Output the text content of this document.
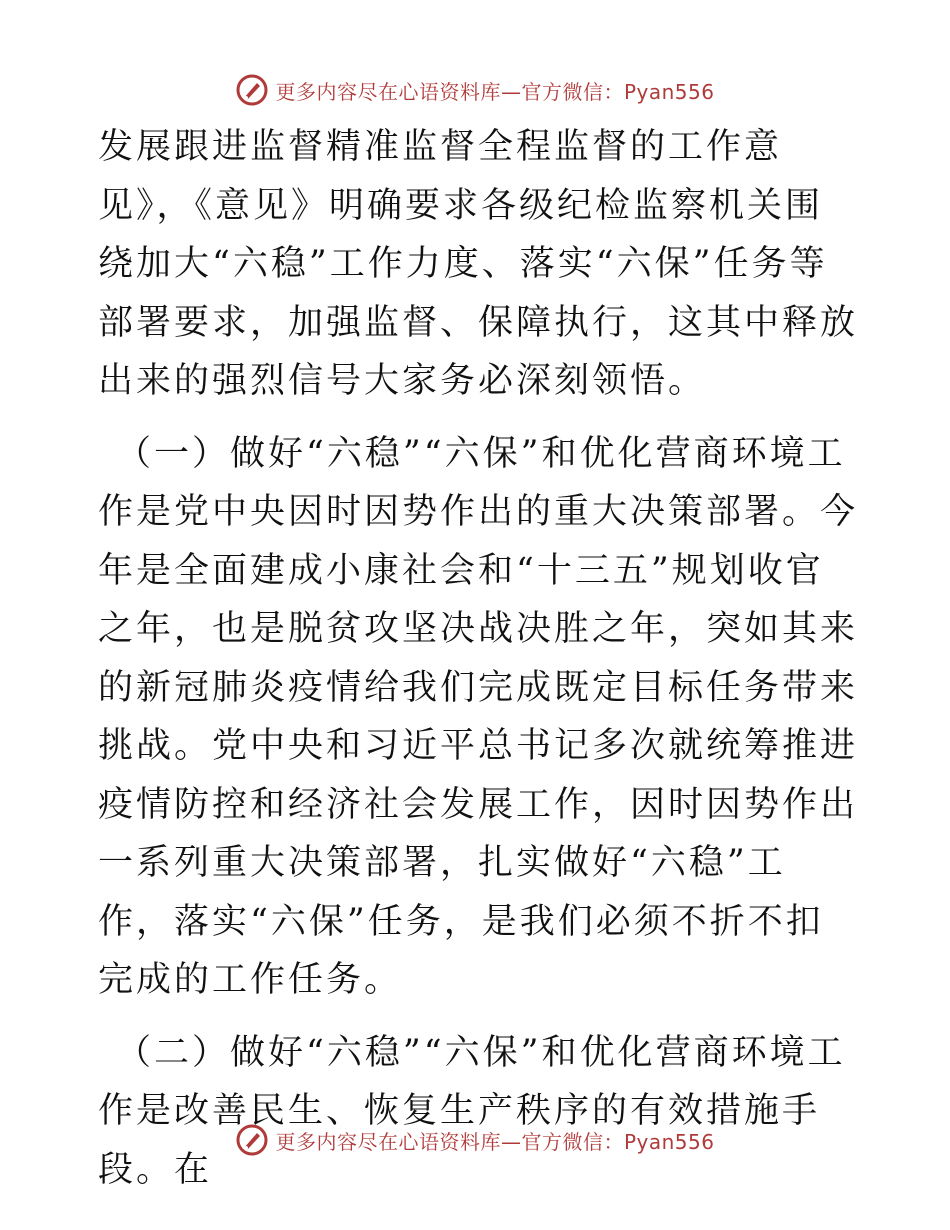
更多内容尽在心语资料库—官方微信：Pyan556

发展跟进监督精准监督全程监督的工作意见》，《意见》明确要求各级纪检监察机关围绕加大“六稳”工作力度、落实“六保”任务等部署要求，加强监督、保障执行，这其中释放出来的强烈信号大家务必深刻领悟。

（一）做好“六稳”“六保”和优化营商环境工作是党中央因时因势作出的重大决策部署。今年是全面建成小康社会和“十三五”规划收官之年，也是脱贫攻坚决战决胜之年，突如其来的新冠肺炎疫情给我们完成既定目标任务带来挑战。党中央和习近平总书记多次就统筹推进疫情防控和经济社会发展工作，因时因势作出一系列重大决策部署，扎实做好“六稳”工作，落实“六保”任务，是我们必须不折不扣完成的工作任务。

（二）做好“六稳”“六保”和优化营商环境工作是改善民生、恢复生产秩序的有效措施手段。在

更多内容尽在心语资料库—官方微信：Pyan556
